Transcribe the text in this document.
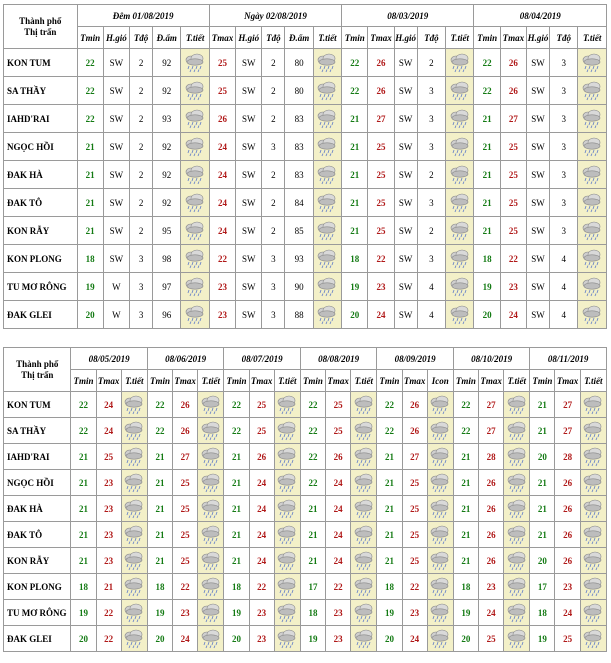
Thành phố
Thị trấn	Đêm 01/08/2019					Ngày 02/08/2019					08/03/2019					08/04/2019				
	Tmin	H.gió	Tđộ	Đ.ẩm	T.tiết	Tmax	H.gió	Tđộ	Đ.ẩm	T.tiết	Tmin	Tmax	H.gió	Tđộ	T.tiết	Tmin	Tmax	H.gió	Tđộ	T.tiết
KON TUM	22	SW	2	92		25	SW	2	80		22	26	SW	2		22	26	SW	3	

SA THẦY	22	SW	2	92		25	SW	2	80		22	26	SW	3		22	26	SW	3	

IAHD'RAI	22	SW	2	93		26	SW	2	83		21	27	SW	3		21	27	SW	3	

NGỌC HỒI	21	SW	2	92		24	SW	3	83		21	25	SW	3		21	25	SW	3	

ĐAK HÀ	21	SW	2	92		24	SW	2	83		21	25	SW	2		21	25	SW	3	

ĐAK TÔ	21	SW	2	92		24	SW	2	84		21	25	SW	3		21	25	SW	3	

KON RẪY	21	SW	2	95		24	SW	2	85		21	25	SW	2		21	25	SW	3	

KON PLONG	18	SW	3	98		22	SW	3	93		18	22	SW	3		18	22	SW	4	

TU MƠ RÔNG	19	W	3	97		23	SW	3	90		19	23	SW	4		19	23	SW	4	

ĐAK GLEI	20	W	3	96		23	SW	3	88		20	24	SW	4		20	24	SW	4	
Thành phố
Thị trấn	08/05/2019			08/06/2019			08/07/2019			08/08/2019			08/09/2019			08/10/2019			08/11/2019		
	Tmin	Tmax	T.tiết	Tmin	Tmax	T.tiết	Tmin	Tmax	T.tiết	Tmin	Tmax	T.tiết	Tmin	Tmax	Icon	Tmin	Tmax	T.tiết	Tmin	Tmax	T.tiết
KON TUM	22	24		22	26		22	25		22	25		22	26		22	27		21	27	

SA THẦY	22	24		22	26		22	25		22	25		22	26		22	27		21	27	

IAHD'RAI	21	25		21	27		21	26		22	26		21	27		21	28		20	28	

NGỌC HỒI	21	23		21	25		21	24		22	24		21	25		21	26		21	26	

ĐAK HÀ	21	23		21	25		21	24		21	24		21	25		21	26		21	26	

ĐAK TÔ	21	23		21	25		21	24		21	24		21	25		21	26		21	26	

KON RẪY	21	23		21	25		21	24		21	24		21	25		21	26		20	26	

KON PLONG	18	21		18	22		18	22		17	22		18	22		18	23		17	23	

TU MƠ RÔNG	19	22		19	23		19	23		18	23		19	23		19	24		18	24	

ĐAK GLEI	20	22		20	24		20	23		19	23		20	24		20	25		19	25	
